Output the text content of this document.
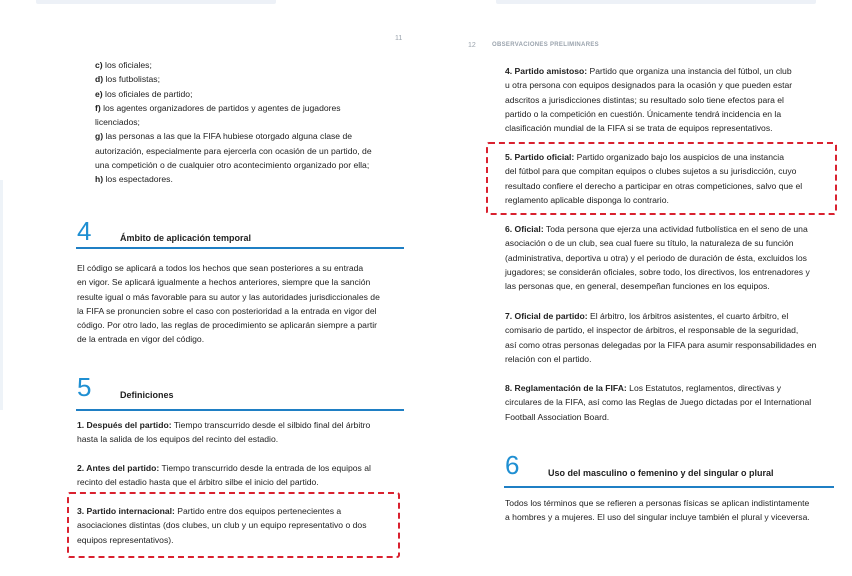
11
c) los oficiales;
d) los futbolistas;
e) los oficiales de partido;
f) los agentes organizadores de partidos y agentes de jugadores
licenciados;
g) las personas a las que la FIFA hubiese otorgado alguna clase de
autorización, especialmente para ejercerla con ocasión de un partido, de
una competición o de cualquier otro acontecimiento organizado por ella;
h) los espectadores.
4	Ámbito de aplicación temporal
El código se aplicará a todos los hechos que sean posteriores a su entrada
en vigor. Se aplicará igualmente a hechos anteriores, siempre que la sanción
resulte igual o más favorable para su autor y las autoridades jurisdiccionales de
la FIFA se pronuncien sobre el caso con posterioridad a la entrada en vigor del
código. Por otro lado, las reglas de procedimiento se aplicarán siempre a partir
de la entrada en vigor del código.
5	Definiciones
1. Después del partido: Tiempo transcurrido desde el silbido final del árbitro
hasta la salida de los equipos del recinto del estadio.
2. Antes del partido: Tiempo transcurrido desde la entrada de los equipos al
recinto del estadio hasta que el árbitro silbe el inicio del partido.
3. Partido internacional: Partido entre dos equipos pertenecientes a
asociaciones distintas (dos clubes, un club y un equipo representativo o dos
equipos representativos).
12	OBSERVACIONES PRELIMINARES
4. Partido amistoso: Partido que organiza una instancia del fútbol, un club
u otra persona con equipos designados para la ocasión y que pueden estar
adscritos a jurisdicciones distintas; su resultado solo tiene efectos para el
partido o la competición en cuestión. Únicamente tendrá incidencia en la
clasificación mundial de la FIFA si se trata de equipos representativos.
5. Partido oficial: Partido organizado bajo los auspicios de una instancia
del fútbol para que compitan equipos o clubes sujetos a su jurisdicción, cuyo
resultado confiere el derecho a participar en otras competiciones, salvo que el
reglamento aplicable disponga lo contrario.
6. Oficial: Toda persona que ejerza una actividad futbolística en el seno de una
asociación o de un club, sea cual fuere su título, la naturaleza de su función
(administrativa, deportiva u otra) y el periodo de duración de ésta, excluidos los
jugadores; se considerán oficiales, sobre todo, los directivos, los entrenadores y
las personas que, en general, desempeñan funciones en los equipos.
7. Oficial de partido: El árbitro, los árbitros asistentes, el cuarto árbitro, el
comisario de partido, el inspector de árbitros, el responsable de la seguridad,
así como otras personas delegadas por la FIFA para asumir responsabilidades en
relación con el partido.
8. Reglamentación de la FIFA: Los Estatutos, reglamentos, directivas y
circulares de la FIFA, así como las Reglas de Juego dictadas por el International
Football Association Board.
6	Uso del masculino o femenino y del singular o plural
Todos los términos que se refieren a personas físicas se aplican indistintamente
a hombres y a mujeres. El uso del singular incluye también el plural y viceversa.
